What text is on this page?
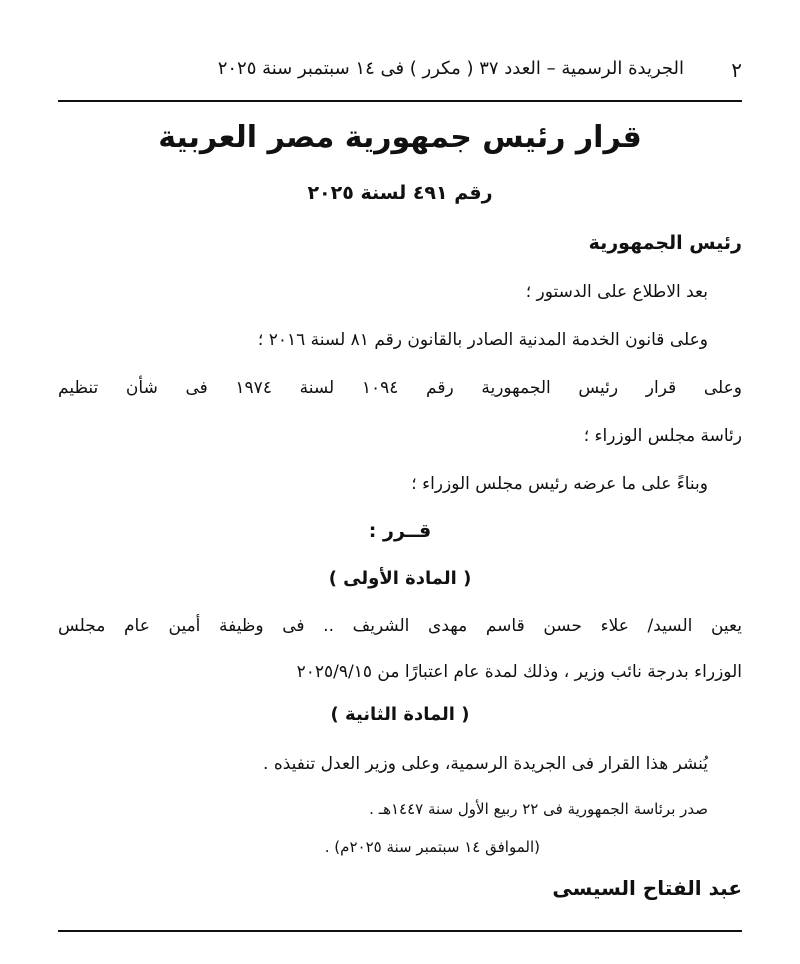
٢
الجريدة الرسمية – العدد ٣٧ ( مكرر ) فى ١٤ سبتمبر سنة ٢٠٢٥
قرار رئيس جمهورية مصر العربية
رقم ٤٩١ لسنة ٢٠٢٥
رئيس الجمهورية
بعد الاطلاع على الدستور ؛
وعلى قانون الخدمة المدنية الصادر بالقانون رقم ٨١ لسنة ٢٠١٦ ؛
وعلى قرار رئيس الجمهورية رقم ١٠٩٤ لسنة ١٩٧٤ فى شأن تنظيم
رئاسة مجلس الوزراء ؛
وبناءً على ما عرضه رئيس مجلس الوزراء ؛
قــرر :
( المادة الأولى )
يعين السيد/ علاء حسن قاسم مهدى الشريف .. فى وظيفة أمين عام مجلس
الوزراء بدرجة نائب وزير ، وذلك لمدة عام اعتبارًا من ٢٠٢٥/٩/١٥
( المادة الثانية )
يُنشر هذا القرار فى الجريدة الرسمية، وعلى وزير العدل تنفيذه .
صدر برئاسة الجمهورية فى ٢٢ ربيع الأول سنة ١٤٤٧هـ .
(الموافق ١٤ سبتمبر سنة ٢٠٢٥م) .
عبد الفتاح السيسى
